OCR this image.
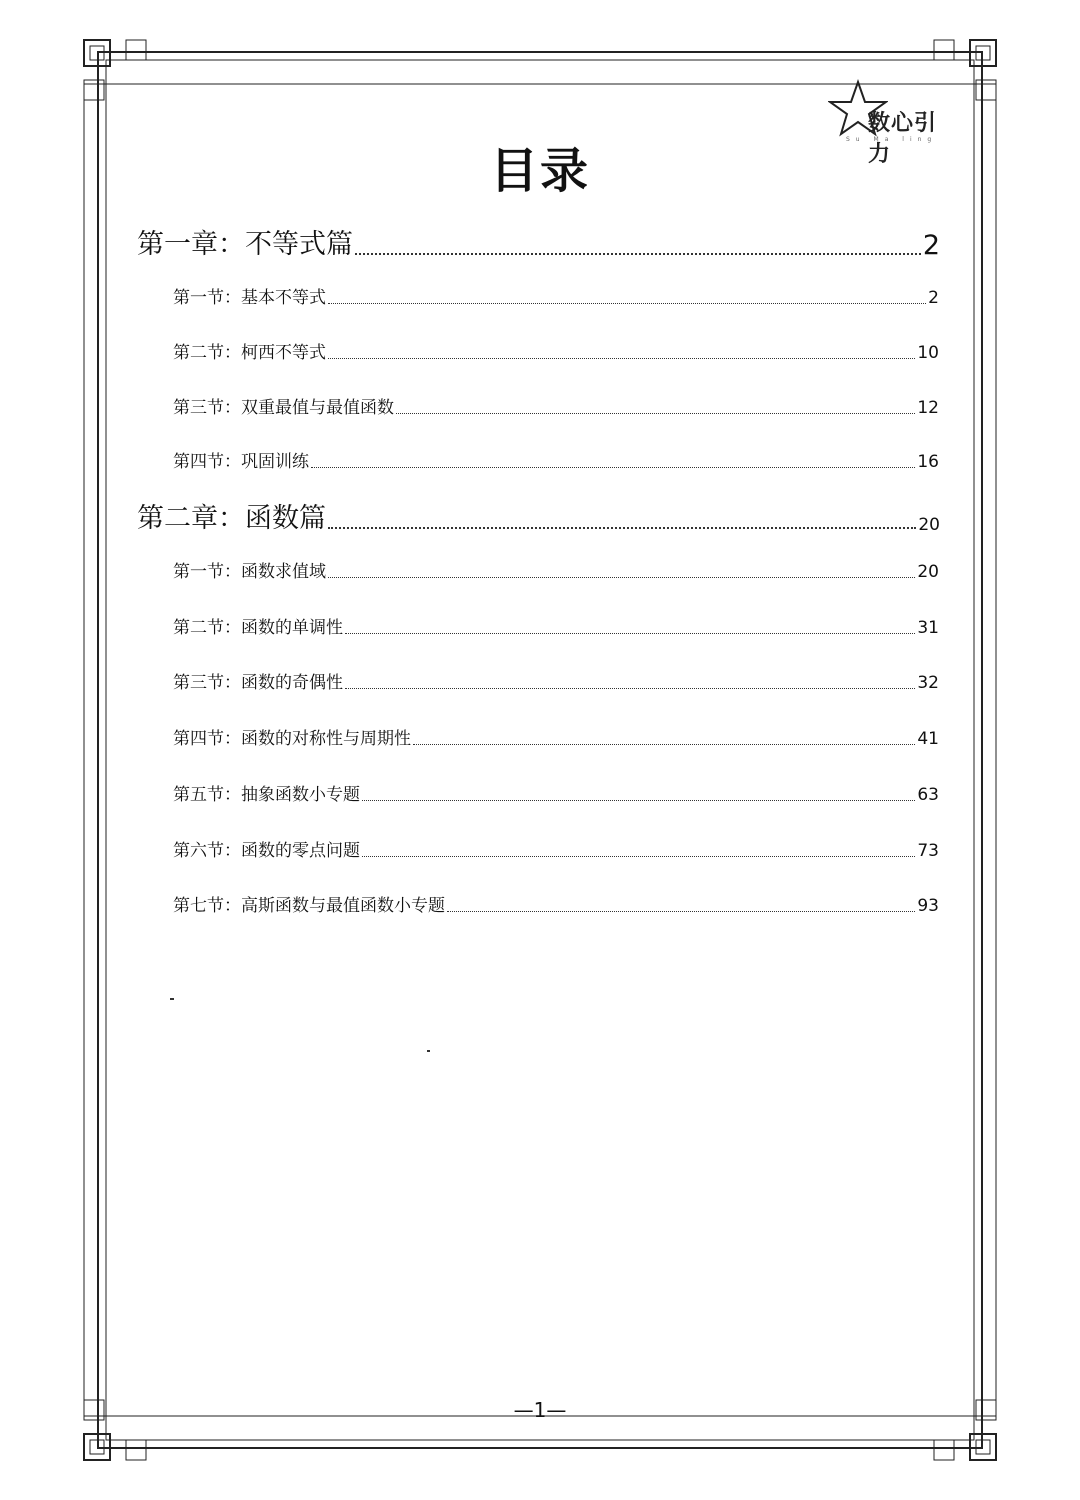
数心引力
Su Ma ling
目录
第一章：不等式篇	2
第一节：基本不等式	2
第二节：柯西不等式	10
第三节：双重最值与最值函数	12
第四节：巩固训练	16
第二章：函数篇	20
第一节：函数求值域	20
第二节：函数的单调性	31
第三节：函数的奇偶性	32
第四节：函数的对称性与周期性	41
第五节：抽象函数小专题	63
第六节：函数的零点问题	73
第七节：高斯函数与最值函数小专题	93
—1—
